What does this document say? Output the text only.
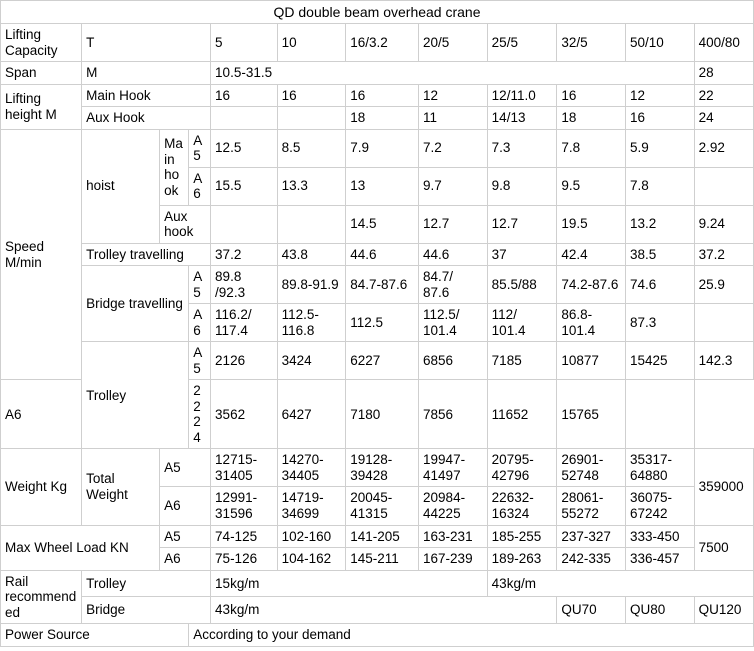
QD double beam overhead crane											
Lifting Capacity	T			5	10	16/3.2	20/5	25/5	32/5	50/10	400/80
Span	M			10.5-31.5							28
Lifting height M	Main Hook			16	16	16	12	12/11.0	16	12	22
	Aux Hook					18	11	14/13	18	16	24
Speed M/min	hoist	Main hook	A5	12.5	8.5	7.9	7.2	7.3	7.8	5.9	2.92
			A6	15.5	13.3	13	9.7	9.8	9.5	7.8	
		Aux hook				14.5	12.7	12.7	19.5	13.2	9.24
	Trolley travelling			37.2	43.8	44.6	44.6	37	42.4	38.5	37.2
	Bridge travelling		A5	89.8 /92.3	89.8-91.9	84.7-87.6	84.7/ 87.6	85.5/88	74.2-87.6	74.6	25.9
			A6	116.2/ 117.4	112.5-116.8	112.5	112.5/ 101.4	112/ 101.4	86.8-101.4	87.3	
	Trolley		A5	2126	3424	6227	6856	7185	10877	15425	142.3
A6			2224	3562	6427	7180	7856	11652	15765		
Weight Kg	Total Weight	A5		12715-31405	14270-34405	19128-39428	19947-41497	20795-42796	26901-52748	35317-64880	359000
		A6		12991-31596	14719-34699	20045-41315	20984-44225	22632-16324	28061-55272	36075-67242	
Max Wheel Load KN		A5		74-125	102-160	141-205	163-231	185-255	237-327	333-450	7500
		A6		75-126	104-162	145-211	167-239	189-263	242-335	336-457	
Rail recommended	Trolley			15kg/m				43kg/m			
	Bridge			43kg/m					QU70	QU80	QU120
Power Source			According to your demand								
